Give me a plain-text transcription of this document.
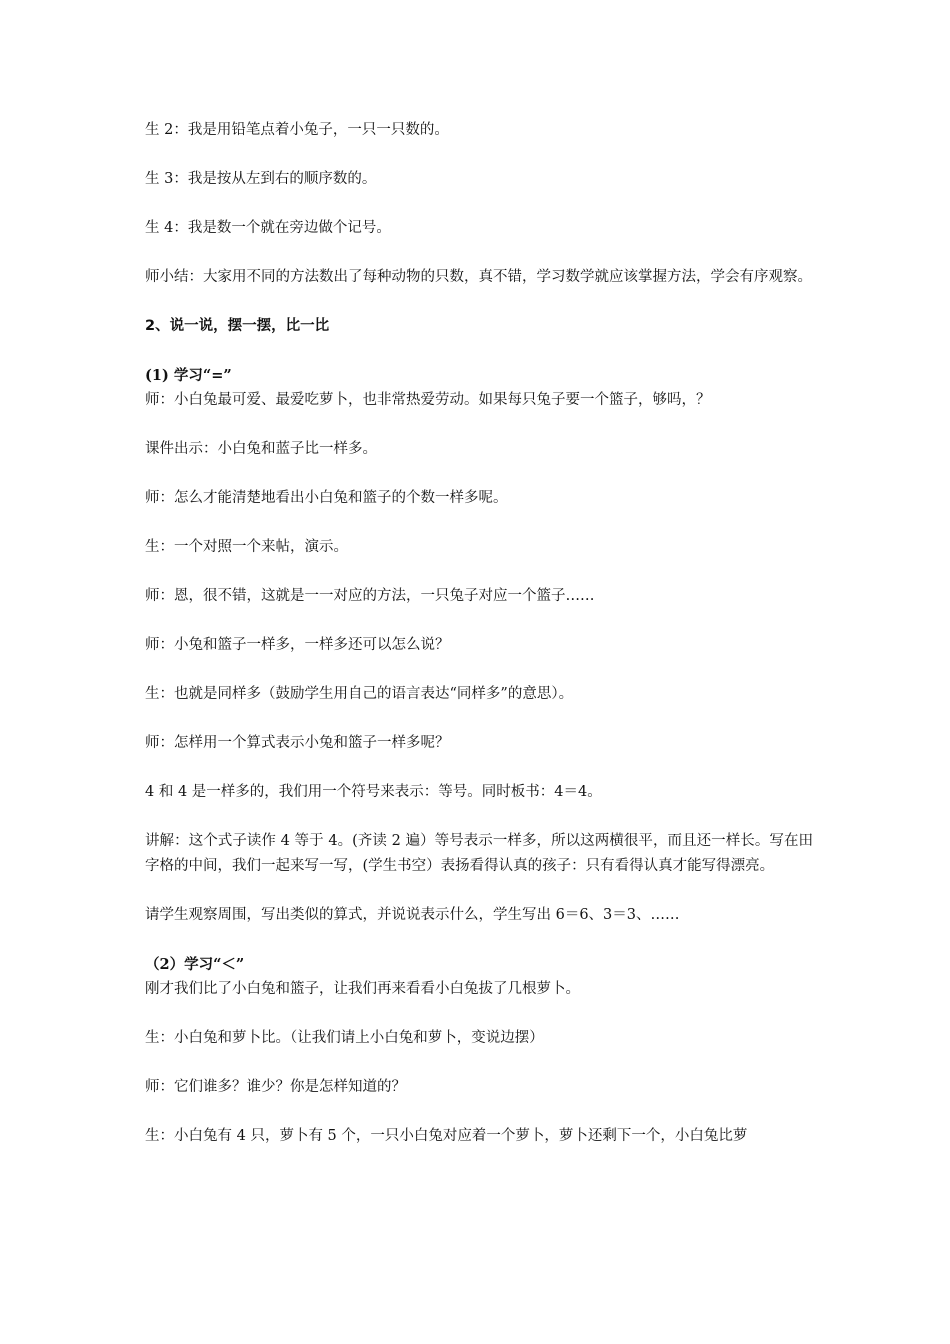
生 2：我是用铅笔点着小兔子，一只一只数的。

生 3：我是按从左到右的顺序数的。

生 4：我是数一个就在旁边做个记号。

师小结：大家用不同的方法数出了每种动物的只数，真不错，学习数学就应该掌握方法，学会有序观察。

2、说一说，摆一摆，比一比
(1) 学习“=”

师：小白兔最可爱、最爱吃萝卜，也非常热爱劳动。如果每只兔子要一个篮子，够吗，？

课件出示：小白兔和蓝子比一样多。

师：怎么才能清楚地看出小白兔和篮子的个数一样多呢。

生：一个对照一个来帖，演示。

师：恩，很不错，这就是一一对应的方法，一只兔子对应一个篮子……

师：小兔和篮子一样多，一样多还可以怎么说？

生：也就是同样多（鼓励学生用自己的语言表达“同样多”的意思）。

师：怎样用一个算式表示小兔和篮子一样多呢？

4 和 4 是一样多的，我们用一个符号来表示：等号。同时板书：4＝4。

讲解：这个式子读作 4 等于 4。(齐读 2 遍）等号表示一样多，所以这两横很平，而且还一样长。写在田字格的中间，我们一起来写一写，(学生书空）表扬看得认真的孩子：只有看得认真才能写得漂亮。

请学生观察周围，写出类似的算式，并说说表示什么，学生写出 6＝6、3＝3、……

（2）学习“＜”

刚才我们比了小白兔和篮子，让我们再来看看小白兔拔了几根萝卜。

生：小白兔和萝卜比。（让我们请上小白兔和萝卜，变说边摆）

师：它们谁多？谁少？你是怎样知道的？

生：小白兔有 4 只，萝卜有 5 个，一只小白兔对应着一个萝卜，萝卜还剩下一个，小白兔比萝
